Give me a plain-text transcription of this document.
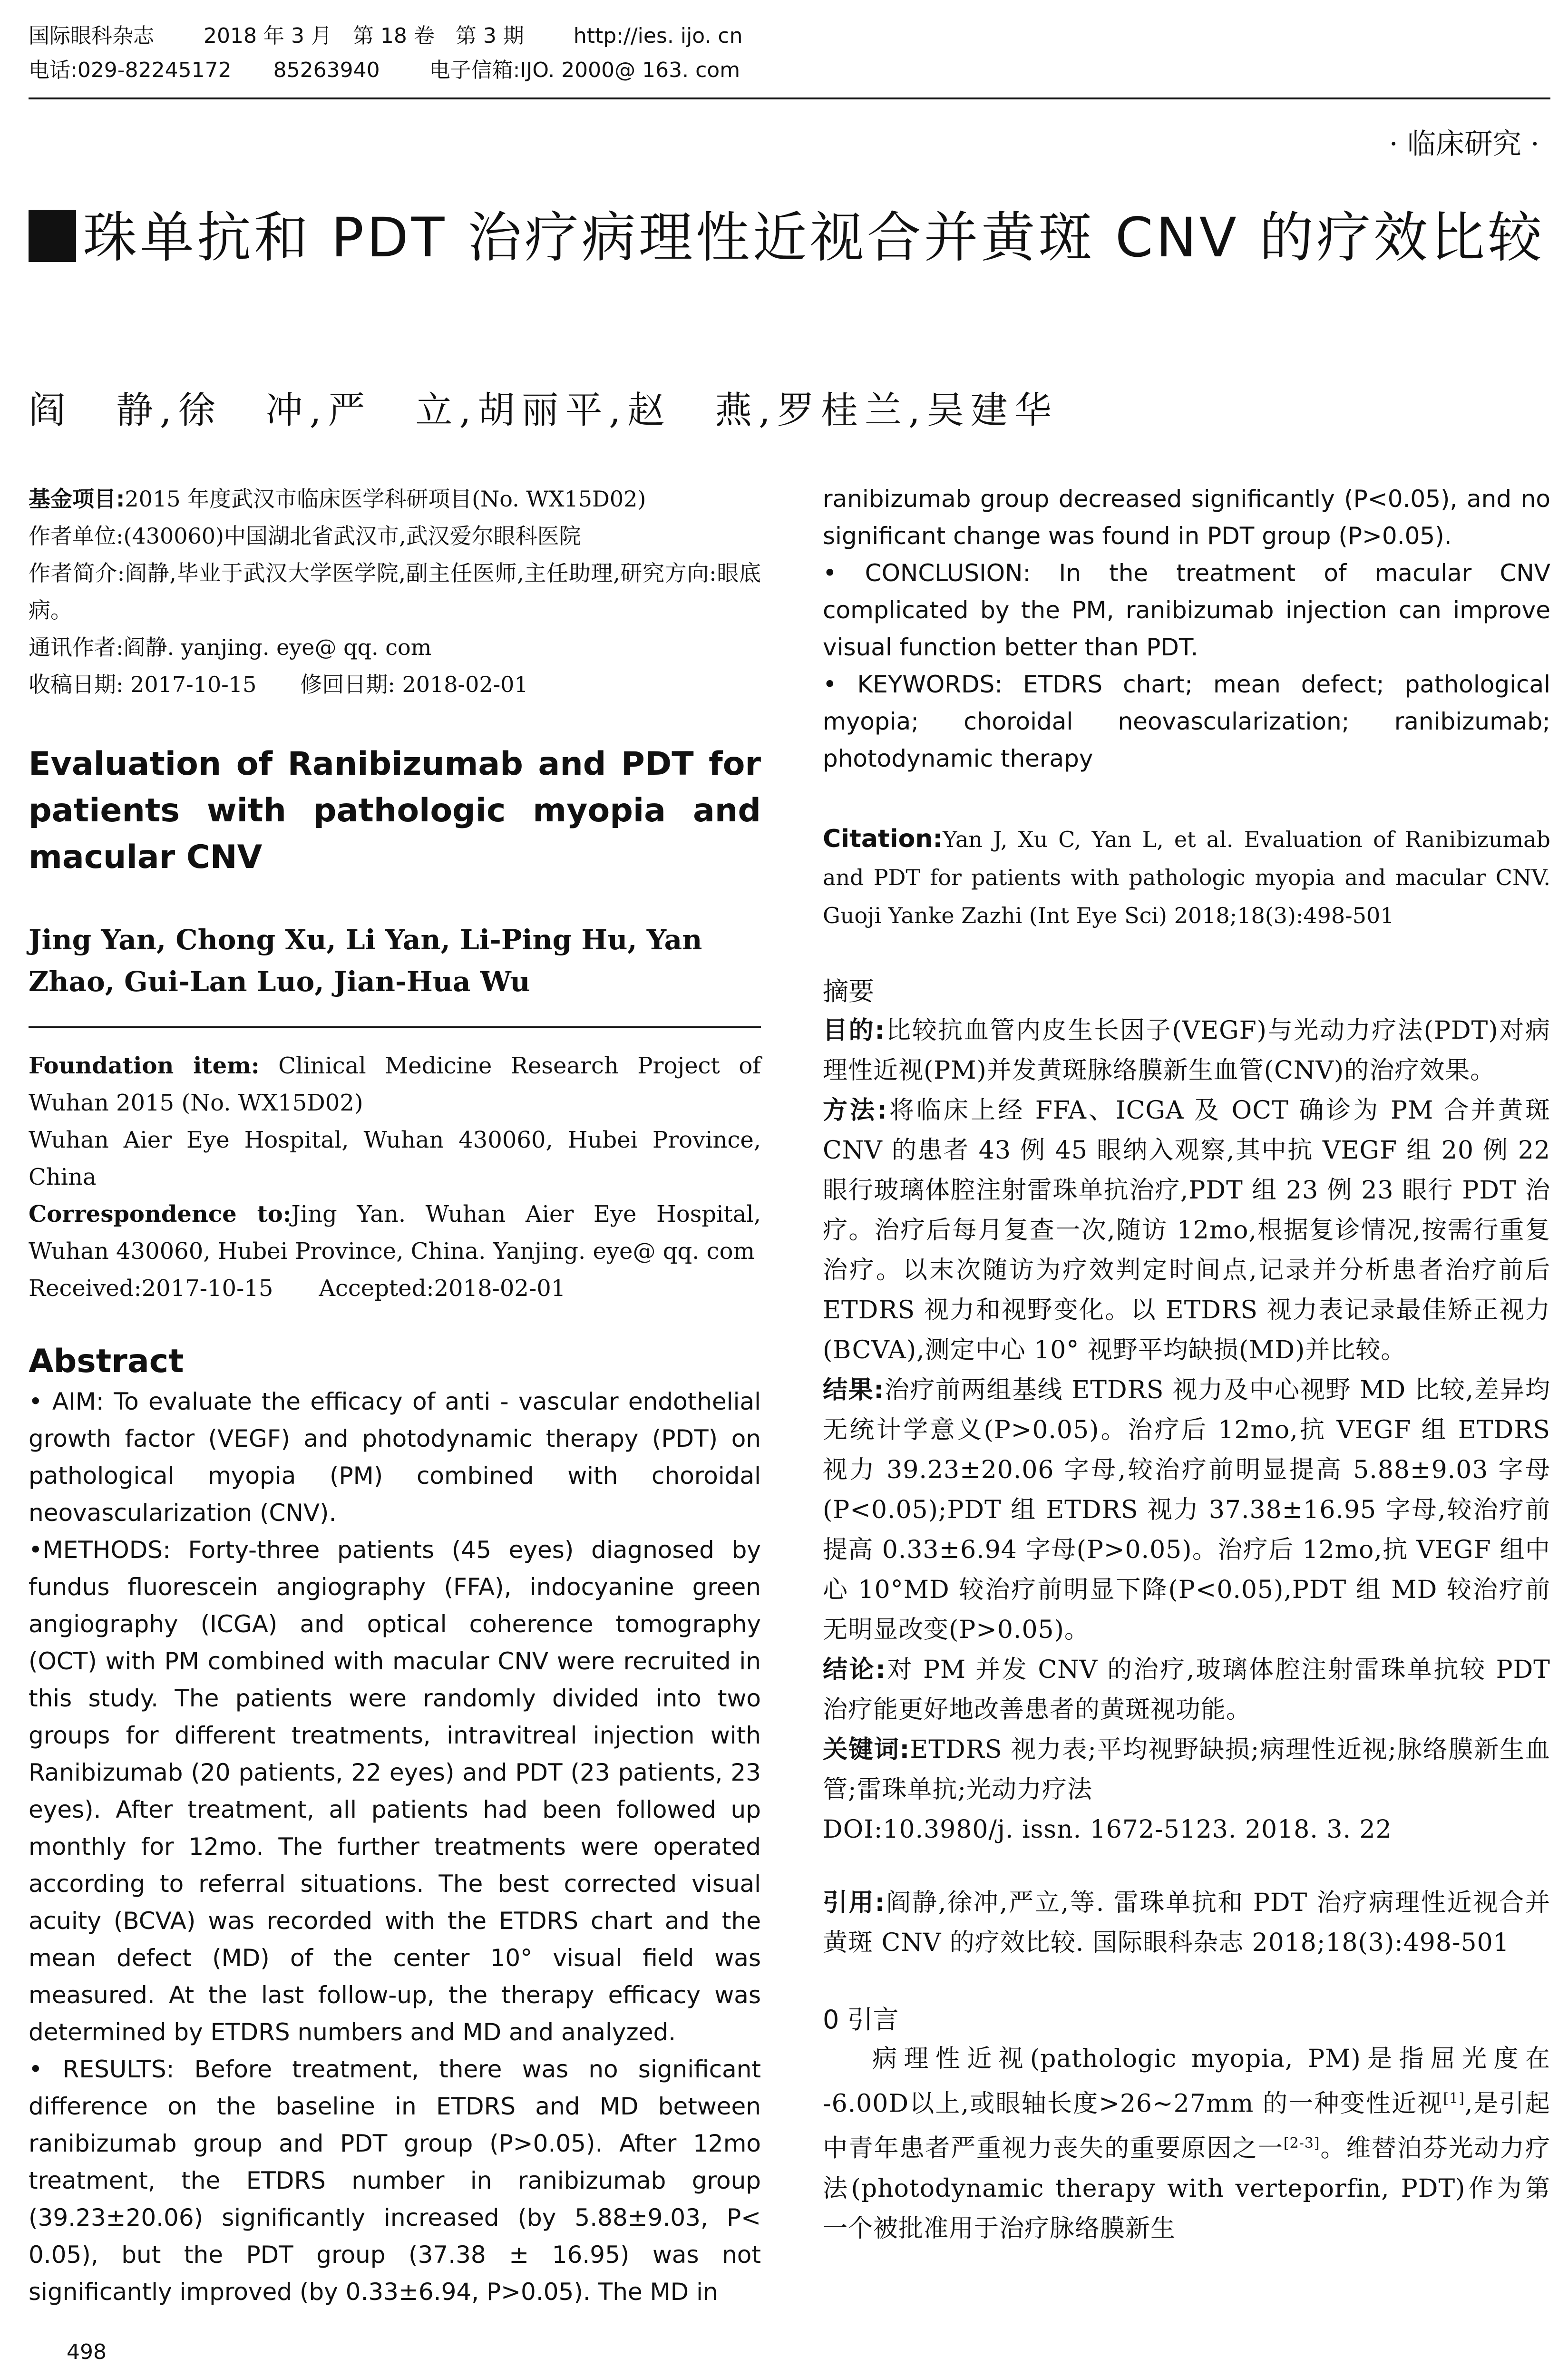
国际眼科杂志 2018 年 3 月　第 18 卷　第 3 期 http://ies. ijo. cn
电话:029-82245172　　85263940 电子信箱:IJO. 2000@ 163. com
· 临床研究 ·
珠单抗和 PDT 治疗病理性近视合并黄斑 CNV 的疗效比较
阎　静,徐　冲,严　立,胡丽平,赵　燕,罗桂兰,吴建华

基金项目:2015 年度武汉市临床医学科研项目(No. WX15D02)

作者单位:(430060)中国湖北省武汉市,武汉爱尔眼科医院

作者简介:阎静,毕业于武汉大学医学院,副主任医师,主任助理,研究方向:眼底病。

通讯作者:阎静. yanjing. eye@ qq. com

收稿日期: 2017-10-15　　修回日期: 2018-02-01

Evaluation of Ranibizumab and PDT for patients with pathologic myopia and macular CNV
Jing Yan, Chong Xu, Li Yan, Li-Ping Hu, Yan Zhao, Gui-Lan Luo, Jian-Hua Wu

Foundation item: Clinical Medicine Research Project of Wuhan 2015 (No. WX15D02)

Wuhan Aier Eye Hospital, Wuhan 430060, Hubei Province, China

Correspondence to:Jing Yan. Wuhan Aier Eye Hospital, Wuhan 430060, Hubei Province, China. Yanjing. eye@ qq. com

Received:2017-10-15　　Accepted:2018-02-01

Abstract

• AIM: To evaluate the efficacy of anti - vascular endothelial growth factor (VEGF) and photodynamic therapy (PDT) on pathological myopia (PM) combined with choroidal neovascularization (CNV).

•METHODS: Forty-three patients (45 eyes) diagnosed by fundus fluorescein angiography (FFA), indocyanine green angiography (ICGA) and optical coherence tomography (OCT) with PM combined with macular CNV were recruited in this study. The patients were randomly divided into two groups for different treatments, intravitreal injection with Ranibizumab (20 patients, 22 eyes) and PDT (23 patients, 23 eyes). After treatment, all patients had been followed up monthly for 12mo. The further treatments were operated according to referral situations. The best corrected visual acuity (BCVA) was recorded with the ETDRS chart and the mean defect (MD) of the center 10° visual field was measured. At the last follow-up, the therapy efficacy was determined by ETDRS numbers and MD and analyzed.

• RESULTS: Before treatment, there was no significant difference on the baseline in ETDRS and MD between ranibizumab group and PDT group (P>0.05). After 12mo treatment, the ETDRS number in ranibizumab group (39.23±20.06) significantly increased (by 5.88±9.03, P< 0.05), but the PDT group (37.38 ± 16.95) was not significantly improved (by 0.33±6.94, P>0.05). The MD in

ranibizumab group decreased significantly (P<0.05), and no significant change was found in PDT group (P>0.05).

• CONCLUSION: In the treatment of macular CNV complicated by the PM, ranibizumab injection can improve visual function better than PDT.

• KEYWORDS: ETDRS chart; mean defect; pathological myopia; choroidal neovascularization; ranibizumab; photodynamic therapy

Citation:Yan J, Xu C, Yan L, et al. Evaluation of Ranibizumab and PDT for patients with pathologic myopia and macular CNV. Guoji Yanke Zazhi (Int Eye Sci) 2018;18(3):498-501
摘要

目的:比较抗血管内皮生长因子(VEGF)与光动力疗法(PDT)对病理性近视(PM)并发黄斑脉络膜新生血管(CNV)的治疗效果。

方法:将临床上经 FFA、ICGA 及 OCT 确诊为 PM 合并黄斑 CNV 的患者 43 例 45 眼纳入观察,其中抗 VEGF 组 20 例 22 眼行玻璃体腔注射雷珠单抗治疗,PDT 组 23 例 23 眼行 PDT 治疗。治疗后每月复查一次,随访 12mo,根据复诊情况,按需行重复治疗。以末次随访为疗效判定时间点,记录并分析患者治疗前后 ETDRS 视力和视野变化。以 ETDRS 视力表记录最佳矫正视力(BCVA),测定中心 10° 视野平均缺损(MD)并比较。

结果:治疗前两组基线 ETDRS 视力及中心视野 MD 比较,差异均无统计学意义(P>0.05)。治疗后 12mo,抗 VEGF 组 ETDRS 视力 39.23±20.06 字母,较治疗前明显提高 5.88±9.03 字母(P<0.05);PDT 组 ETDRS 视力 37.38±16.95 字母,较治疗前提高 0.33±6.94 字母(P>0.05)。治疗后 12mo,抗 VEGF 组中心 10°MD 较治疗前明显下降(P<0.05),PDT 组 MD 较治疗前无明显改变(P>0.05)。

结论:对 PM 并发 CNV 的治疗,玻璃体腔注射雷珠单抗较 PDT 治疗能更好地改善患者的黄斑视功能。

关键词:ETDRS 视力表;平均视野缺损;病理性近视;脉络膜新生血管;雷珠单抗;光动力疗法

DOI:10.3980/j. issn. 1672-5123. 2018. 3. 22

引用:阎静,徐冲,严立,等. 雷珠单抗和 PDT 治疗病理性近视合并黄斑 CNV 的疗效比较. 国际眼科杂志 2018;18(3):498-501
0 引言

病理性近视(pathologic myopia, PM)是指屈光度在 -6.00D以上,或眼轴长度>26~27mm 的一种变性近视[1],是引起中青年患者严重视力丧失的重要原因之一[2-3]。维替泊芬光动力疗法(photodynamic therapy with verteporfin, PDT)作为第一个被批准用于治疗脉络膜新生

498
